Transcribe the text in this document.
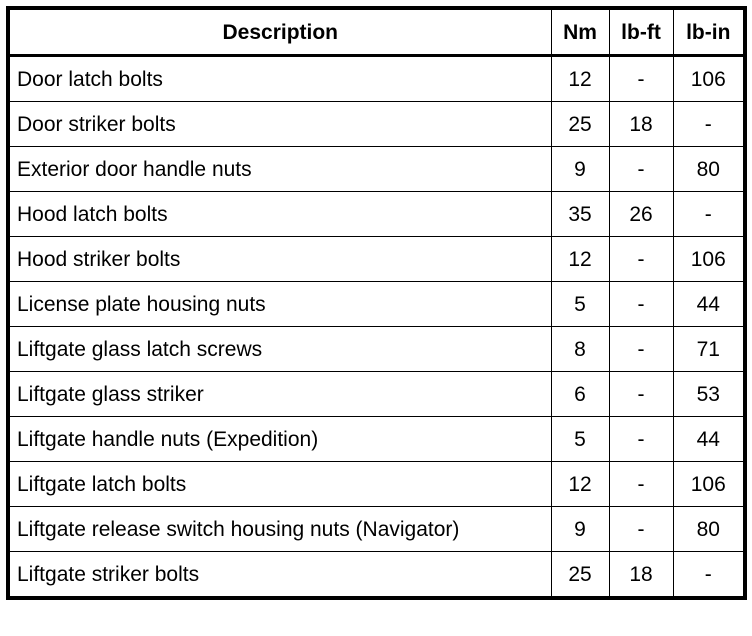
Description	Nm	lb-ft	lb-in
Door latch bolts	12	-	106
Door striker bolts	25	18	-
Exterior door handle nuts	9	-	80
Hood latch bolts	35	26	-
Hood striker bolts	12	-	106
License plate housing nuts	5	-	44
Liftgate glass latch screws	8	-	71
Liftgate glass striker	6	-	53
Liftgate handle nuts (Expedition)	5	-	44
Liftgate latch bolts	12	-	106
Liftgate release switch housing nuts (Navigator)	9	-	80
Liftgate striker bolts	25	18	-
